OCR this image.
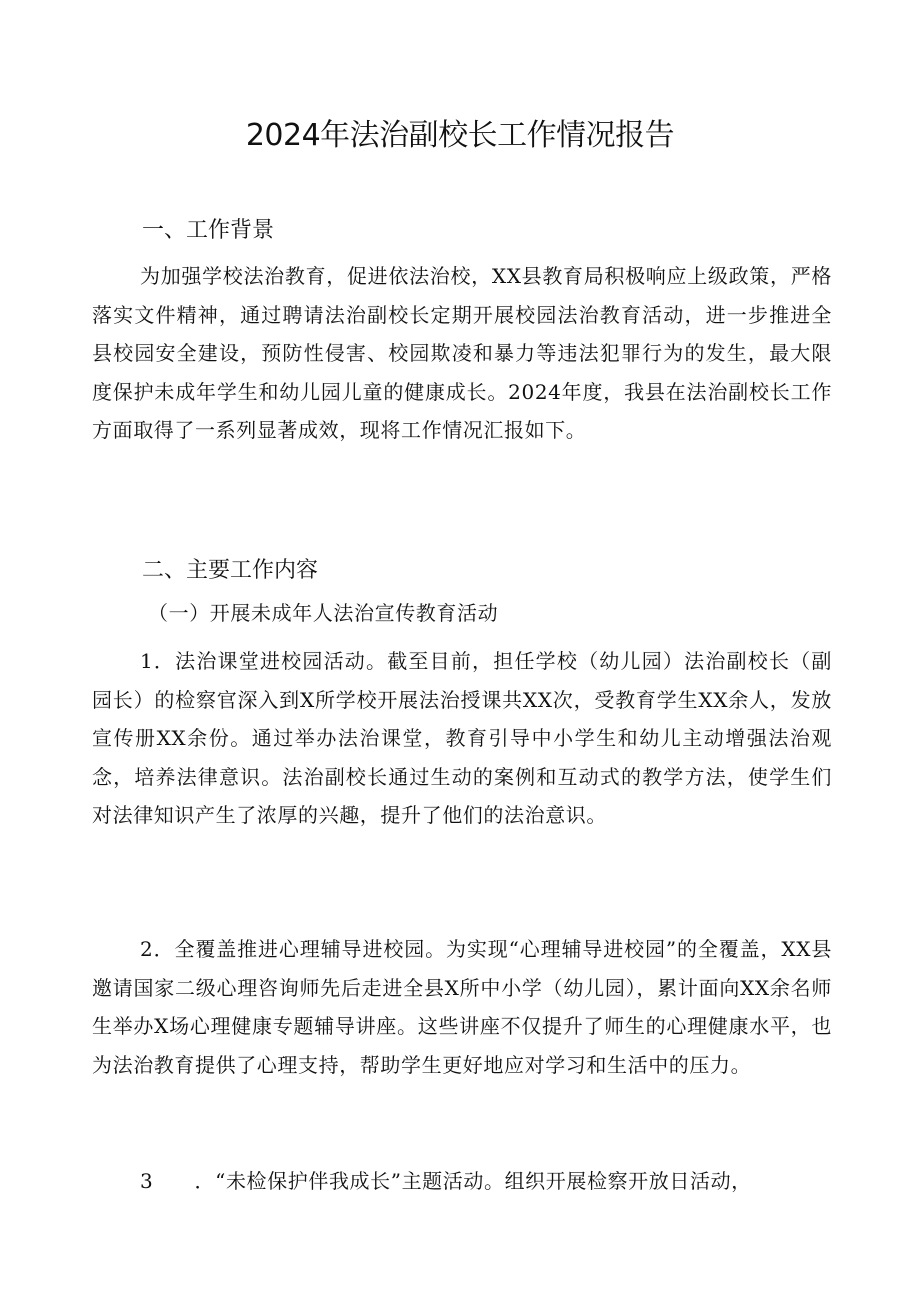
2024年法治副校长工作情况报告
一、工作背景

为加强学校法治教育，促进依法治校，XX县教育局积极响应上级政策，严格落实文件精神，通过聘请法治副校长定期开展校园法治教育活动，进一步推进全县校园安全建设，预防性侵害、校园欺凌和暴力等违法犯罪行为的发生，最大限度保护未成年学生和幼儿园儿童的健康成长。2024年度，我县在法治副校长工作方面取得了一系列显著成效，现将工作情况汇报如下。

二、主要工作内容

（一）开展未成年人法治宣传教育活动

1．法治课堂进校园活动。截至目前，担任学校（幼儿园）法治副校长（副园长）的检察官深入到X所学校开展法治授课共XX次，受教育学生XX余人，发放宣传册XX余份。通过举办法治课堂，教育引导中小学生和幼儿主动增强法治观念，培养法律意识。法治副校长通过生动的案例和互动式的教学方法，使学生们对法律知识产生了浓厚的兴趣，提升了他们的法治意识。

2．全覆盖推进心理辅导进校园。为实现“心理辅导进校园”的全覆盖，XX县邀请国家二级心理咨询师先后走进全县X所中小学（幼儿园），累计面向XX余名师生举办X场心理健康专题辅导讲座。这些讲座不仅提升了师生的心理健康水平，也为法治教育提供了心理支持，帮助学生更好地应对学习和生活中的压力。

3　　．“未检保护伴我成长”主题活动。组织开展检察开放日活动，
